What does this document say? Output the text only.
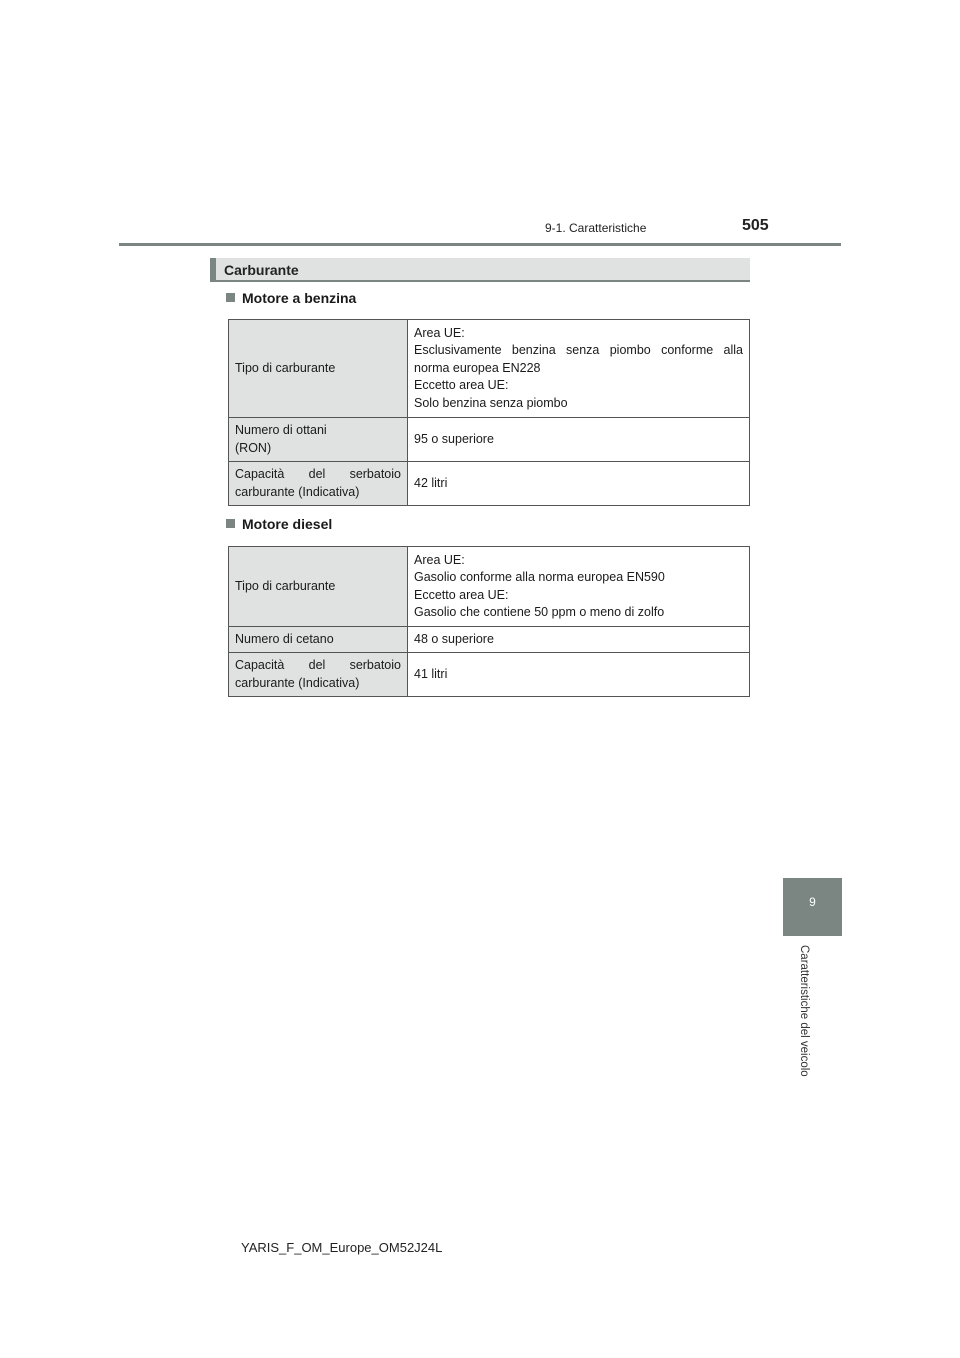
9-1. Caratteristiche	505
Carburante
Motore a benzina
Tipo di carburante	Area UE:
Esclusivamente benzina senza piombo conforme alla norma europea EN228
Eccetto area UE:
Solo benzina senza piombo

Numero di ottani
(RON)	95 o superiore
Capacità del serbatoio carburante (Indicativa)	42 litri
Motore diesel
Tipo di carburante	Area UE:
Gasolio conforme alla norma europea EN590
Eccetto area UE:
Gasolio che contiene 50 ppm o meno di zolfo

Numero di cetano	48 o superiore
Capacità del serbatoio carburante (Indicativa)	41 litri
9
Caratteristiche del veicolo
YARIS_F_OM_Europe_OM52J24L
